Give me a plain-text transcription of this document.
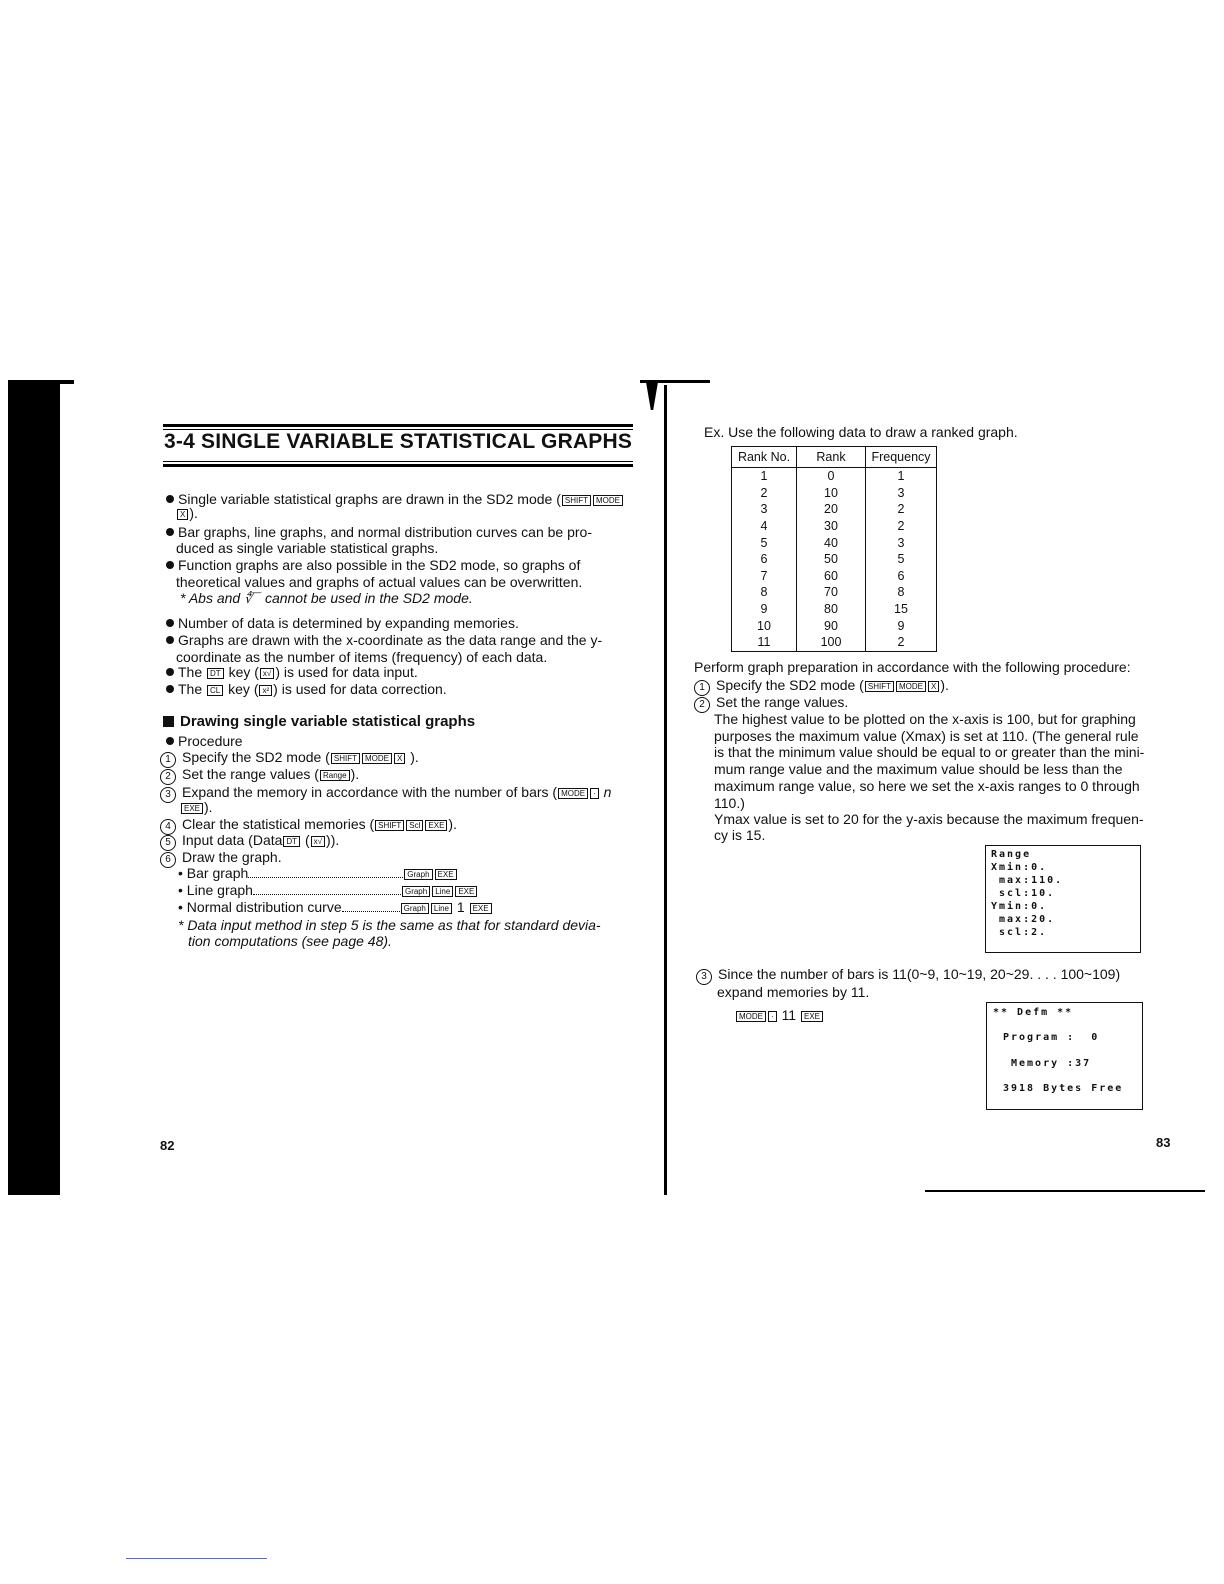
3-4 SINGLE VARIABLE STATISTICAL GRAPHS
Single variable statistical graphs are drawn in the SD2 mode ( SHIFT MODE
X ).
Bar graphs, line graphs, and normal distribution curves can be pro-
duced as single variable statistical graphs.
Function graphs are also possible in the SD2 mode, so graphs of
theoretical values and graphs of actual values can be overwritten.
* Abs and ∜‾‾ cannot be used in the SD2 mode.
Number of data is determined by expanding memories.
Graphs are drawn with the x-coordinate as the data range and the y-
coordinate as the number of items (frequency) of each data.
The DT key ( x√ ) is used for data input.
The CL key ( x² ) is used for data correction.
Drawing single variable statistical graphs
Procedure
1 Specify the SD2 mode ( SHIFT MODE X ).
2 Set the range values ( Range ).
3 Expand the memory in accordance with the number of bars ( MODE · n
EXE ).
4 Clear the statistical memories ( SHIFT Scl EXE ).
5 Input data (Data DT ( x√ )).
6 Draw the graph.
• Bar graph	Graph EXE
• Line graph	Graph Line EXE
• Normal distribution curve	Graph Line 1 EXE
* Data input method in step 5 is the same as that for standard devia-
tion computations (see page 48).
82
Ex. Use the following data to draw a ranked graph.
Rank No.	Rank	Frequency
1	0	1
2	10	3
3	20	2
4	30	2
5	40	3
6	50	5
7	60	6
8	70	8
9	80	15
10	90	9
11	100	2
Perform graph preparation in accordance with the following procedure:
1 Specify the SD2 mode ( SHIFT MODE X ).
2 Set the range values.
The highest value to be plotted on the x-axis is 100, but for graphing
purposes the maximum value (Xmax) is set at 110. (The general rule
is that the minimum value should be equal to or greater than the mini-
mum range value and the maximum value should be less than the
maximum range value, so here we set the x-axis ranges to 0 through
110.)
Ymax value is set to 20 for the y-axis because the maximum frequen-
cy is 15.
Range
Xmin:0.
max:110.
scl:10.
Ymin:0.
max:20.
scl:2.
3 Since the number of bars is 11(0~9, 10~19, 20~29. . . . 100~109)
expand memories by 11.
MODE · 11 EXE	** Defm **
Program :  0
Memory :37
3918 Bytes Free
83
